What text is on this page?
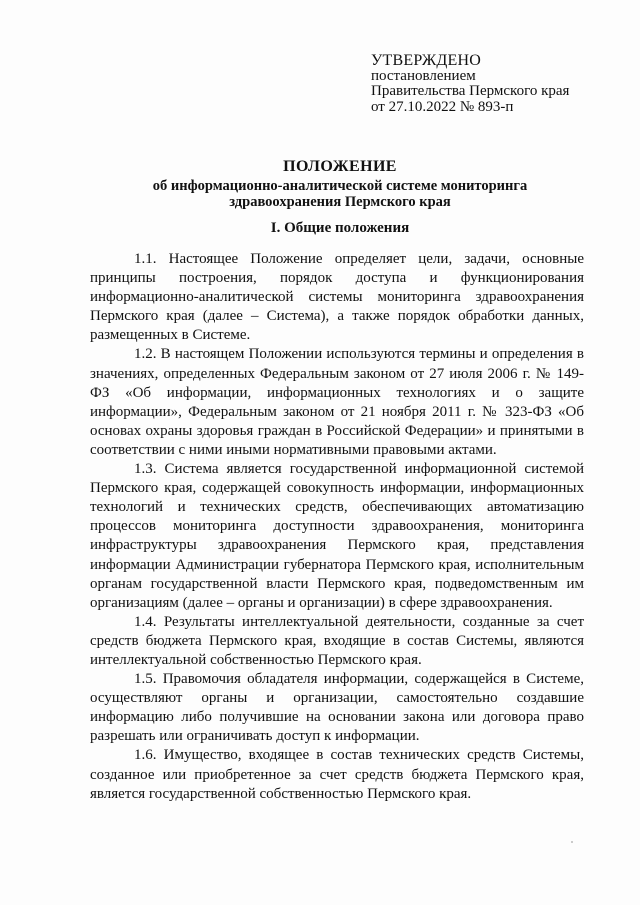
УТВЕРЖДЕНО
постановлением
Правительства Пермского края
от 27.10.2022 № 893-п
ПОЛОЖЕНИЕ
об информационно-аналитической системе мониторинга
здравоохранения Пермского края
I. Общие положения

1.1. Настоящее Положение определяет цели, задачи, основные принципы построения, порядок доступа и функционирования информационно-аналитической системы мониторинга здравоохранения Пермского края (далее – Система), а также порядок обработки данных, размещенных в Системе.

1.2. В настоящем Положении используются термины и определения в значениях, определенных Федеральным законом от 27 июля 2006 г. № 149-ФЗ «Об информации, информационных технологиях и о защите информации», Федеральным законом от 21 ноября 2011 г. № 323-ФЗ «Об основах охраны здоровья граждан в Российской Федерации» и принятыми в соответствии с ними иными нормативными правовыми актами.

1.3. Система является государственной информационной системой Пермского края, содержащей совокупность информации, информационных технологий и технических средств, обеспечивающих автоматизацию процессов мониторинга доступности здравоохранения, мониторинга инфраструктуры здравоохранения Пермского края, представления информации Администрации губернатора Пермского края, исполнительным органам государственной власти Пермского края, подведомственным им организациям (далее – органы и организации) в сфере здравоохранения.

1.4. Результаты интеллектуальной деятельности, созданные за счет средств бюджета Пермского края, входящие в состав Системы, являются интеллектуальной собственностью Пермского края.

1.5. Правомочия обладателя информации, содержащейся в Системе, осуществляют органы и организации, самостоятельно создавшие информацию либо получившие на основании закона или договора право разрешать или ограничивать доступ к информации.

1.6. Имущество, входящее в состав технических средств Системы, созданное или приобретенное за счет средств бюджета Пермского края, является государственной собственностью Пермского края.
